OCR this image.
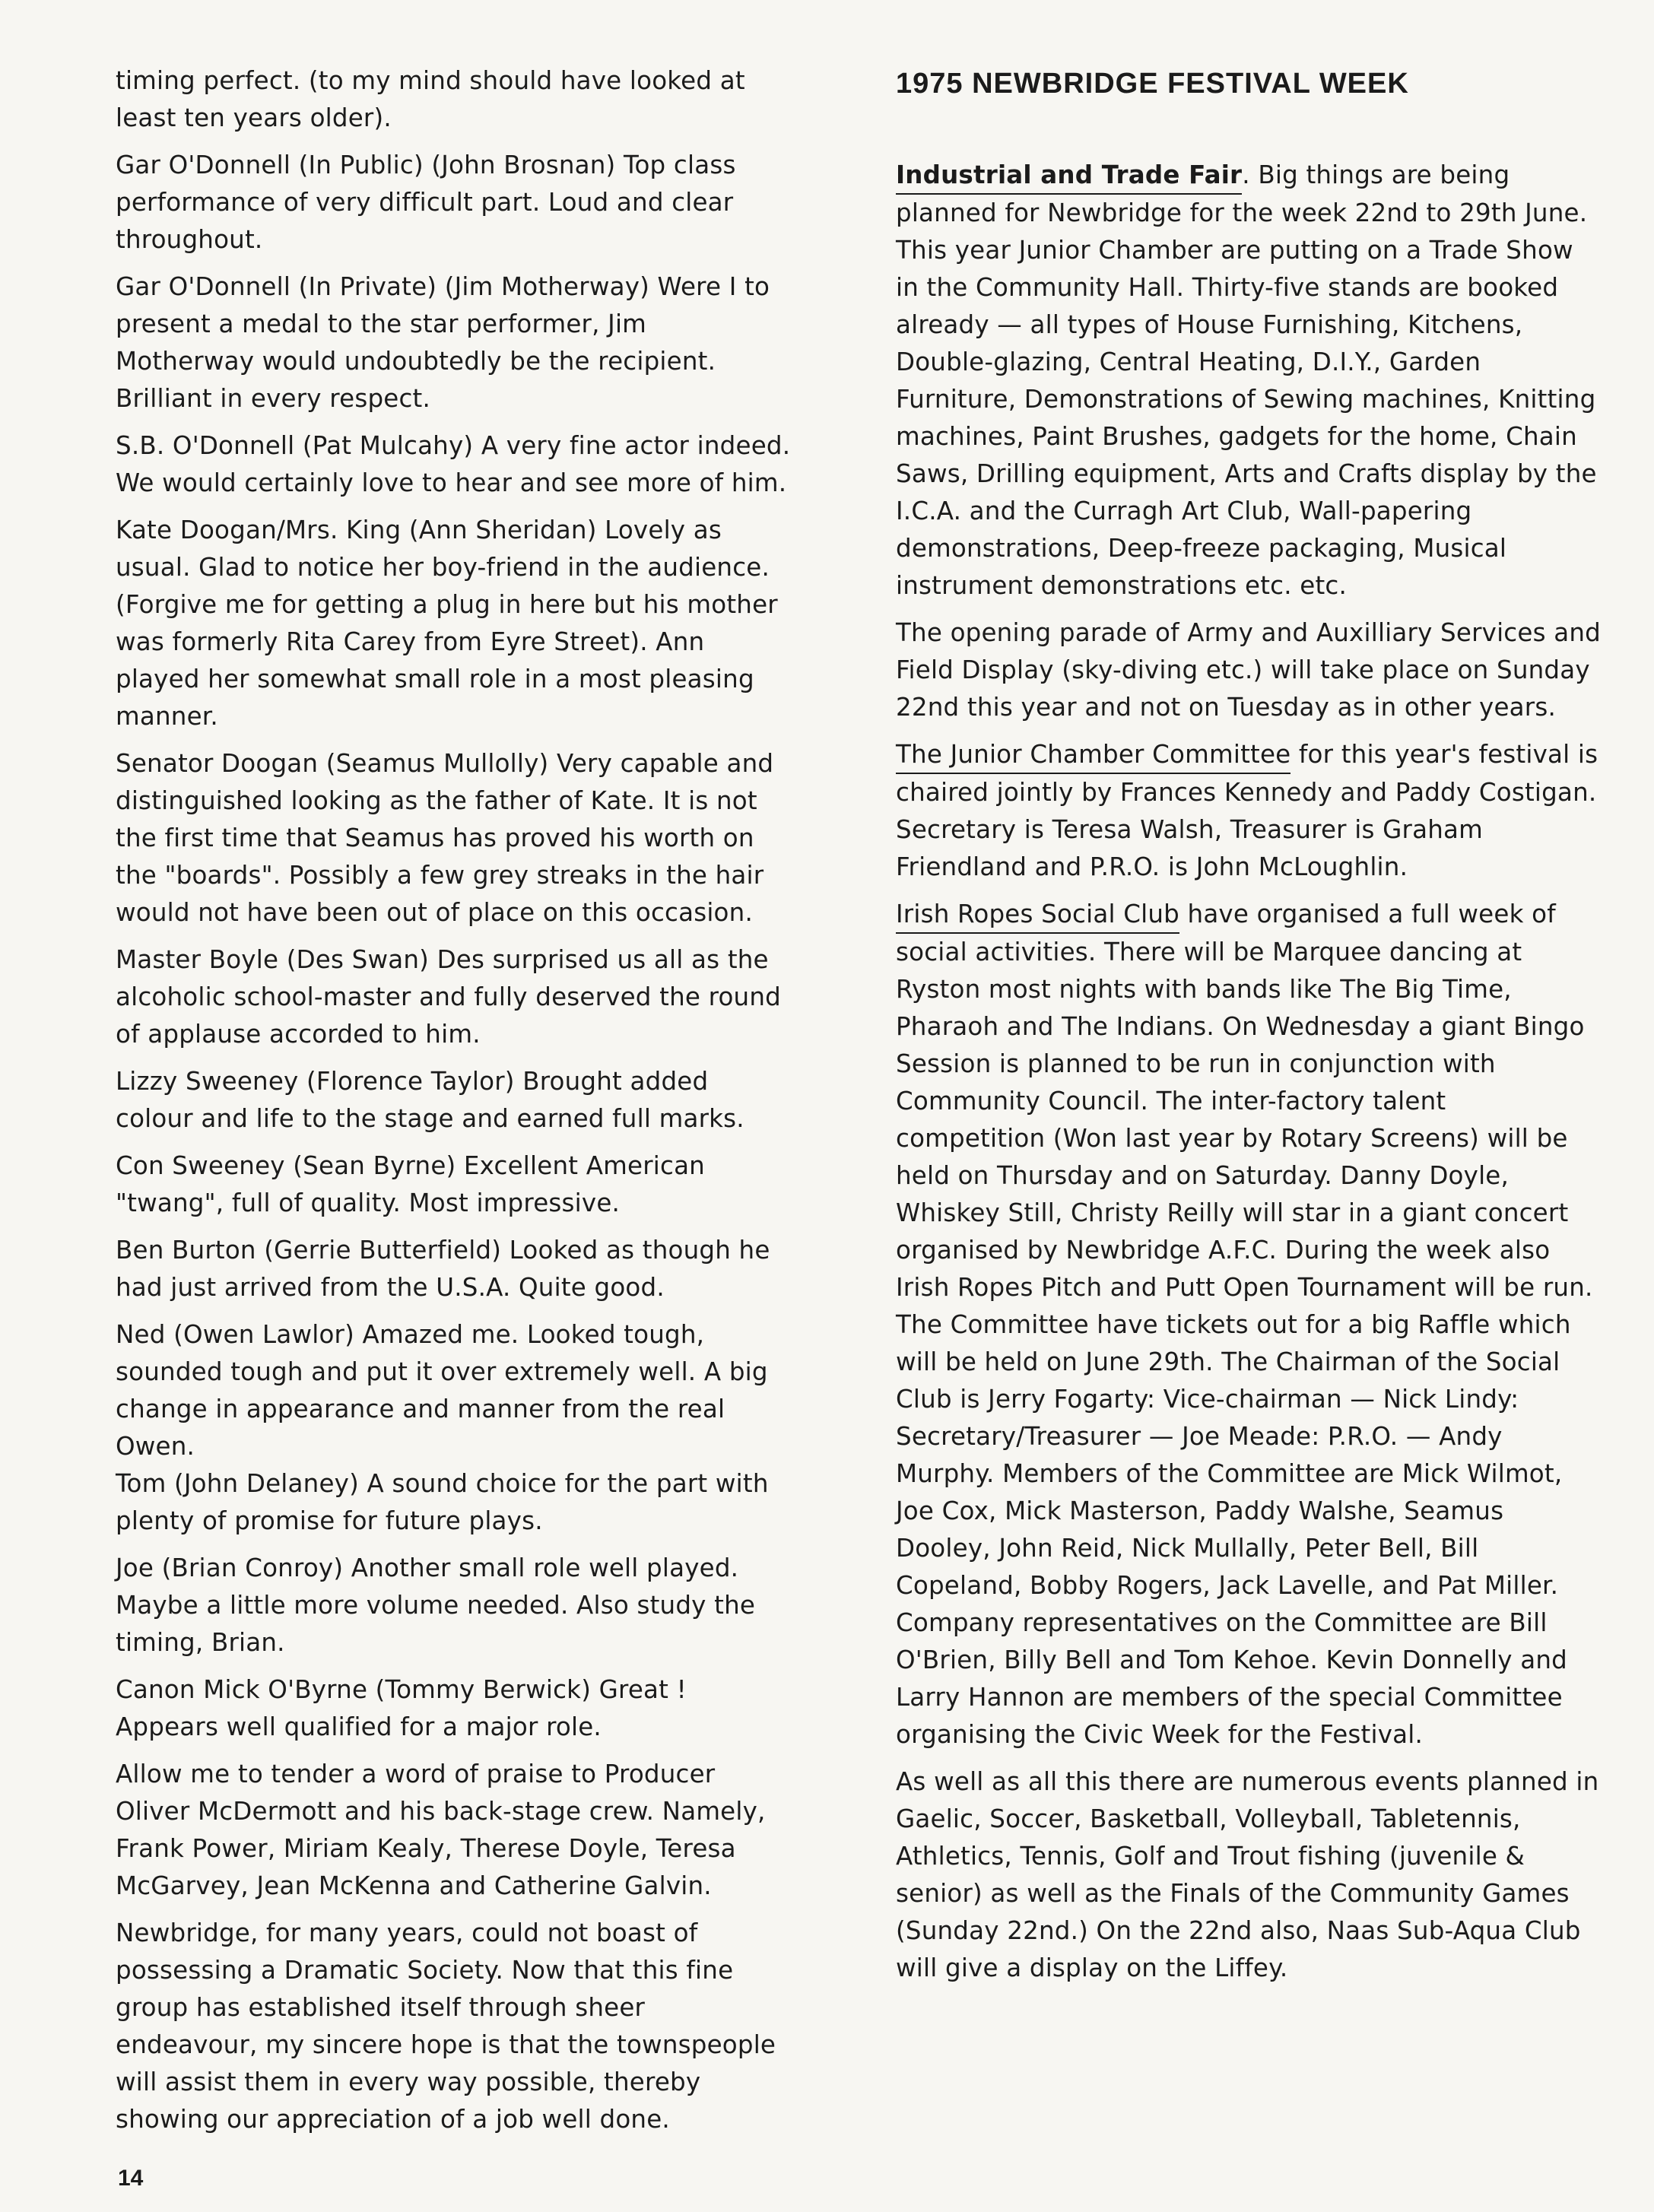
timing perfect. (to my mind should have looked at least ten years older).

Gar O'Donnell (In Public) (John Brosnan) Top class performance of very difficult part. Loud and clear throughout.

Gar O'Donnell (In Private) (Jim Motherway) Were I to present a medal to the star performer, Jim Motherway would undoubtedly be the recipient. Brilliant in every respect.

S.B. O'Donnell (Pat Mulcahy) A very fine actor indeed. We would certainly love to hear and see more of him.

Kate Doogan/Mrs. King (Ann Sheridan) Lovely as usual. Glad to notice her boy-friend in the audience. (Forgive me for getting a plug in here but his mother was formerly Rita Carey from Eyre Street). Ann played her somewhat small role in a most pleasing manner.

Senator Doogan (Seamus Mullolly) Very capable and distinguished looking as the father of Kate. It is not the first time that Seamus has proved his worth on the "boards". Possibly a few grey streaks in the hair would not have been out of place on this occasion.

Master Boyle (Des Swan) Des surprised us all as the alcoholic school-master and fully deserved the round of applause accorded to him.

Lizzy Sweeney (Florence Taylor) Brought added colour and life to the stage and earned full marks.

Con Sweeney (Sean Byrne) Excellent American "twang", full of quality. Most impressive.

Ben Burton (Gerrie Butterfield) Looked as though he had just arrived from the U.S.A. Quite good.

Ned (Owen Lawlor) Amazed me. Looked tough, sounded tough and put it over extremely well. A big change in appearance and manner from the real Owen.

Tom (John Delaney) A sound choice for the part with plenty of promise for future plays.

Joe (Brian Conroy) Another small role well played. Maybe a little more volume needed. Also study the timing, Brian.

Canon Mick O'Byrne (Tommy Berwick) Great ! Appears well qualified for a major role.

Allow me to tender a word of praise to Producer Oliver McDermott and his back-stage crew. Namely, Frank Power, Miriam Kealy, Therese Doyle, Teresa McGarvey, Jean McKenna and Catherine Galvin.

Newbridge, for many years, could not boast of possessing a Dramatic Society. Now that this fine group has established itself through sheer endeavour, my sincere hope is that the townspeople will assist them in every way possible, thereby showing our appreciation of a job well done.

1975 NEWBRIDGE FESTIVAL WEEK

Industrial and Trade Fair. Big things are being planned for Newbridge for the week 22nd to 29th June. This year Junior Chamber are putting on a Trade Show in the Community Hall. Thirty-five stands are booked already — all types of House Furnishing, Kitchens, Double-glazing, Central Heating, D.I.Y., Garden Furniture, Demonstrations of Sewing machines, Knitting machines, Paint Brushes, gadgets for the home, Chain Saws, Drilling equipment, Arts and Crafts display by the I.C.A. and the Curragh Art Club, Wall-papering demonstrations, Deep-freeze packaging, Musical instrument demonstrations etc. etc.

The opening parade of Army and Auxilliary Services and Field Display (sky-diving etc.) will take place on Sunday 22nd this year and not on Tuesday as in other years.

The Junior Chamber Committee for this year's festival is chaired jointly by Frances Kennedy and Paddy Costigan. Secretary is Teresa Walsh, Treasurer is Graham Friendland and P.R.O. is John McLoughlin.

Irish Ropes Social Club have organised a full week of social activities. There will be Marquee dancing at Ryston most nights with bands like The Big Time, Pharaoh and The Indians. On Wednesday a giant Bingo Session is planned to be run in conjunction with Community Council. The inter-factory talent competition (Won last year by Rotary Screens) will be held on Thursday and on Saturday. Danny Doyle, Whiskey Still, Christy Reilly will star in a giant concert organised by Newbridge A.F.C. During the week also Irish Ropes Pitch and Putt Open Tournament will be run. The Committee have tickets out for a big Raffle which will be held on June 29th. The Chairman of the Social Club is Jerry Fogarty: Vice-chairman — Nick Lindy: Secretary/Treasurer — Joe Meade: P.R.O. — Andy Murphy. Members of the Committee are Mick Wilmot, Joe Cox, Mick Masterson, Paddy Walshe, Seamus Dooley, John Reid, Nick Mullally, Peter Bell, Bill Copeland, Bobby Rogers, Jack Lavelle, and Pat Miller.

Company representatives on the Committee are Bill O'Brien, Billy Bell and Tom Kehoe. Kevin Donnelly and Larry Hannon are members of the special Committee organising the Civic Week for the Festival.

As well as all this there are numerous events planned in Gaelic, Soccer, Basketball, Volleyball, Tabletennis, Athletics, Tennis, Golf and Trout fishing (juvenile & senior) as well as the Finals of the Community Games (Sunday 22nd.) On the 22nd also, Naas Sub-Aqua Club will give a display on the Liffey.

14
